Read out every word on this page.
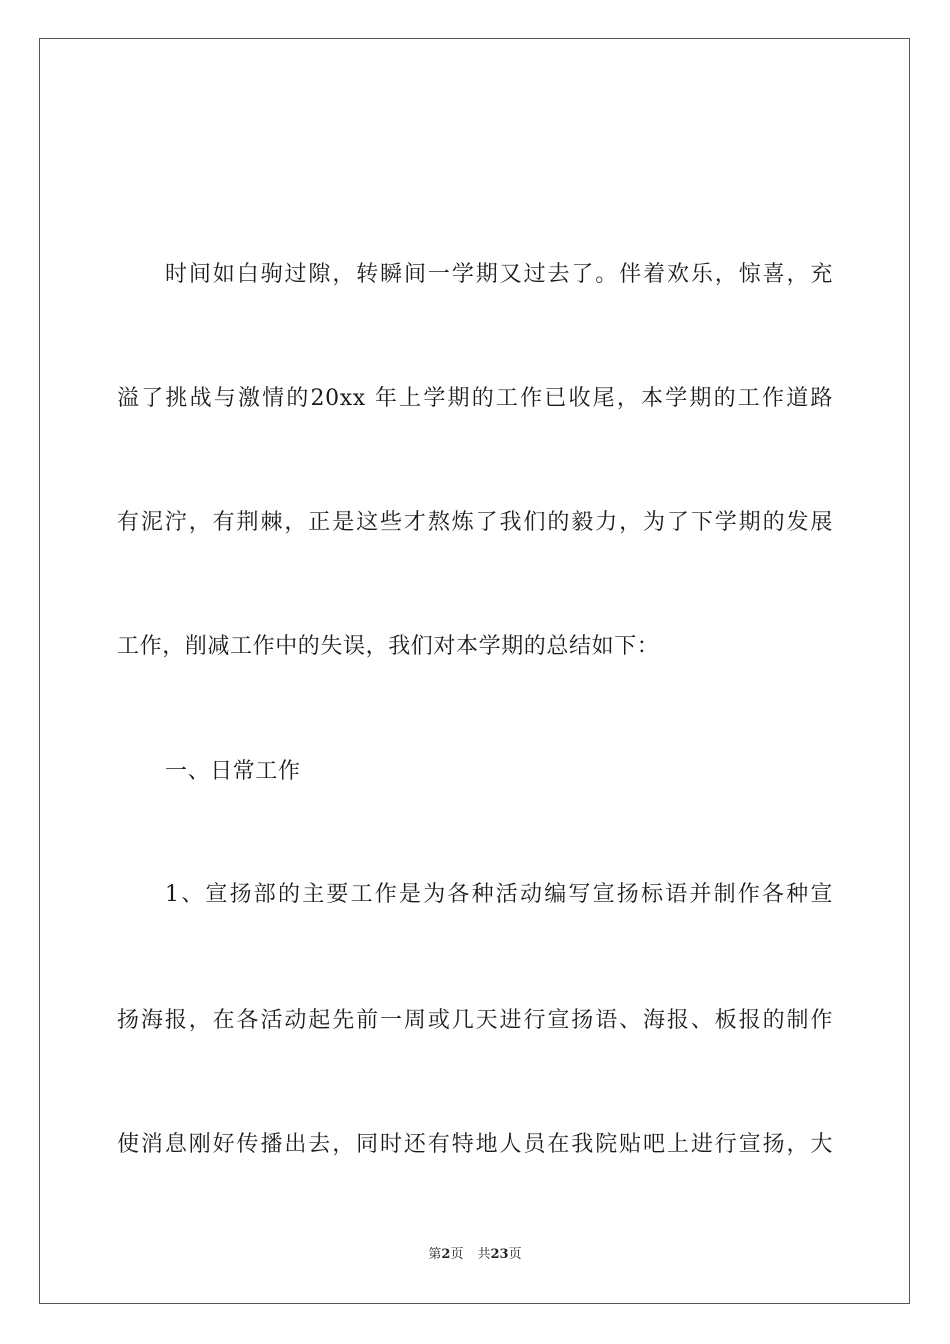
时间如白驹过隙，转瞬间一学期又过去了。伴着欢乐，惊喜，充
溢了挑战与激情的20xx 年上学期的工作已收尾，本学期的工作道路
有泥泞，有荆棘，正是这些才熬炼了我们的毅力，为了下学期的发展
工作，削减工作中的失误，我们对本学期的总结如下：
一、日常工作
1、宣扬部的主要工作是为各种活动编写宣扬标语并制作各种宣
扬海报，在各活动起先前一周或几天进行宣扬语、海报、板报的制作
使消息刚好传播出去，同时还有特地人员在我院贴吧上进行宣扬，大
第2页 共23页
